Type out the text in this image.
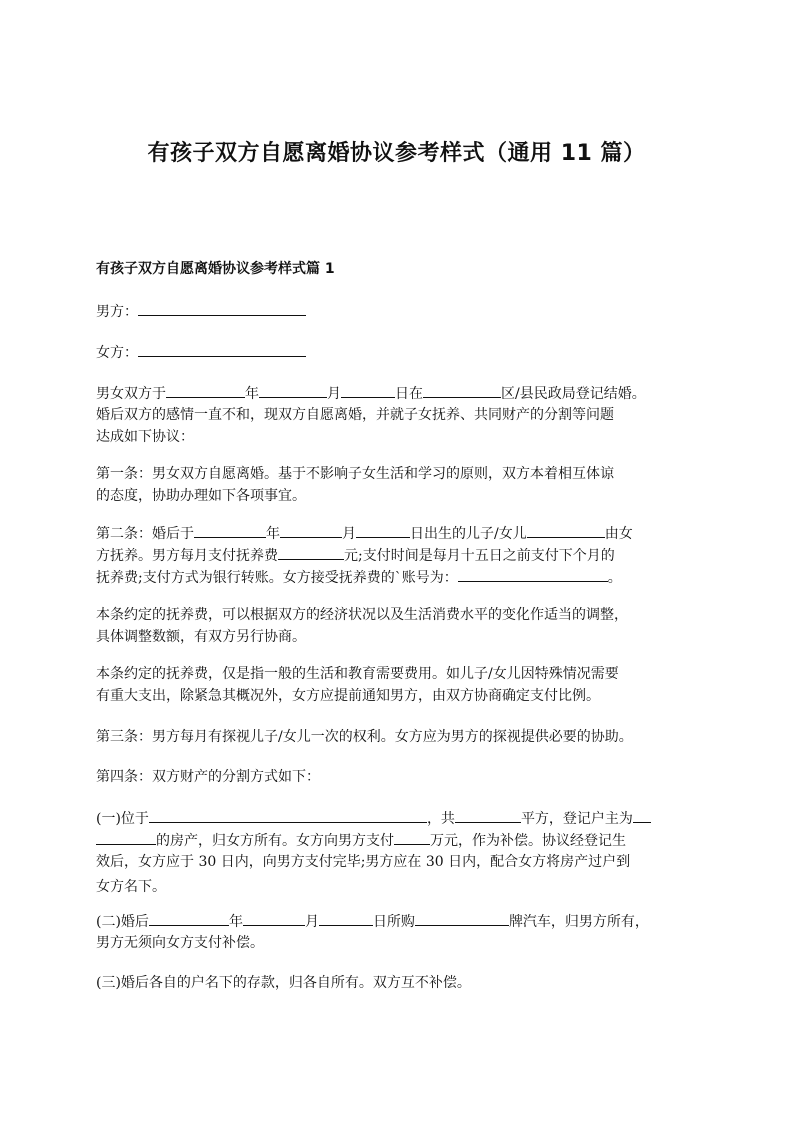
有孩子双方自愿离婚协议参考样式（通用 11 篇）
有孩子双方自愿离婚协议参考样式篇 1
男方：
女方：
男女双方于	年	月	日在	区/县民政局登记结婚。
婚后双方的感情一直不和，现双方自愿离婚，并就子女抚养、共同财产的分割等问题
达成如下协议：
第一条：男女双方自愿离婚。基于不影响子女生活和学习的原则，双方本着相互体谅
的态度，协助办理如下各项事宜。
第二条：婚后于	年	月	日出生的儿子/女儿	由女
方抚养。男方每月支付抚养费	元;支付时间是每月十五日之前支付下个月的
抚养费;支付方式为银行转账。女方接受抚养费的`账号为：	。
本条约定的抚养费，可以根据双方的经济状况以及生活消费水平的变化作适当的调整，
具体调整数额，有双方另行协商。
本条约定的抚养费，仅是指一般的生活和教育需要费用。如儿子/女儿因特殊情况需要
有重大支出，除紧急其概况外，女方应提前通知男方，由双方协商确定支付比例。
第三条：男方每月有探视儿子/女儿一次的权利。女方应为男方的探视提供必要的协助。
第四条：双方财产的分割方式如下：
(一)位于	，共	平方，登记户主为
的房产，归女方所有。女方向男方支付	万元，作为补偿。协议经登记生
效后，女方应于 30 日内，向男方支付完毕;男方应在 30 日内，配合女方将房产过户到
女方名下。
(二)婚后	年	月	日所购	牌汽车，归男方所有，
男方无须向女方支付补偿。
(三)婚后各自的户名下的存款，归各自所有。双方互不补偿。
